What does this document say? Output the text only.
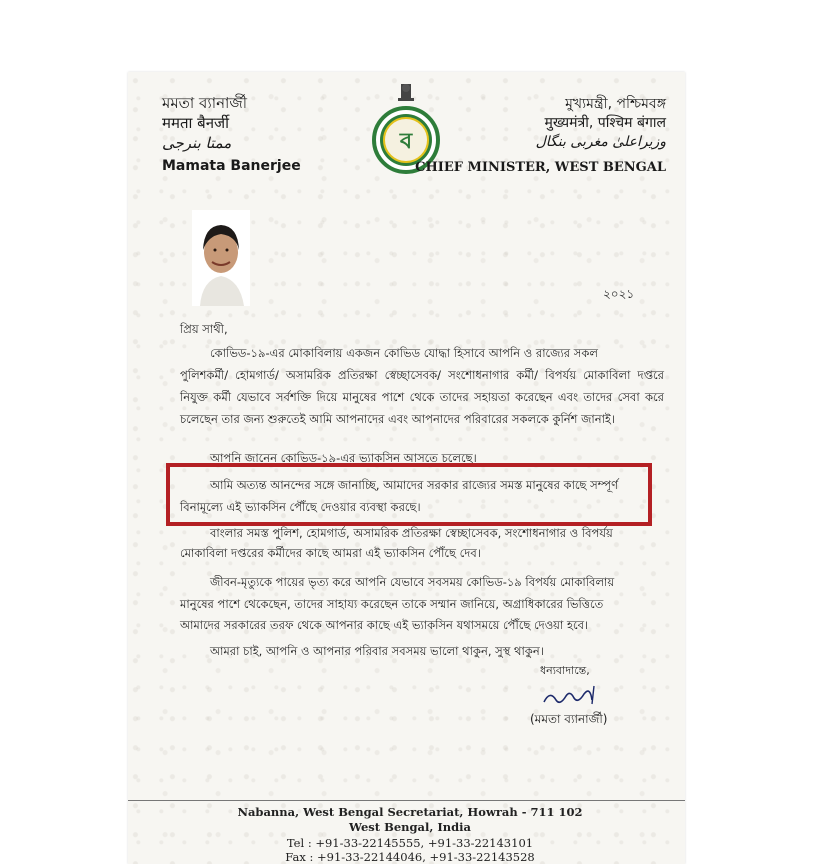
মমতা ব্যানার্জী
ममता बैनर्जी
ممتا بنرجی
Mamata Banerjee
ব
মুখ্যমন্ত্রী, পশ্চিমবঙ্গ
मुख्यमंत्री, पश्चिम बंगाल
وزیراعلیٰ مغربی بنگال
CHIEF MINISTER, WEST BENGAL
২০২১
প্রিয় সাথী,
কোভিড-১৯-এর মোকাবিলায় একজন কোভিড যোদ্ধা হিসাবে আপনি ও রাজ্যের সকল
পুলিশকর্মী/ হোমগার্ড/ অসামরিক প্রতিরক্ষা স্বেচ্ছাসেবক/ সংশোধনাগার কর্মী/ বিপর্যয় মোকাবিলা দপ্তরে নিযুক্ত কর্মী যেভাবে সর্বশক্তি দিয়ে মানুষের পাশে থেকে তাদের সহায়তা করেছেন এবং তাদের সেবা করে চলেছেন তার জন্য শুরুতেই আমি আপনাদের এবং আপনাদের পরিবারের সকলকে কুর্নিশ জানাই।
আপনি জানেন কোভিড-১৯-এর ভ্যাকসিন আসতে চলেছে।
আমি অত্যন্ত আনন্দের সঙ্গে জানাচ্ছি, আমাদের সরকার রাজ্যের সমস্ত মানুষের কাছে সম্পূর্ণ
বিনামূল্যে এই ভ্যাকসিন পৌঁছে দেওয়ার ব্যবস্থা করছে।
বাংলার সমস্ত পুলিশ, হোমগার্ড, অসামরিক প্রতিরক্ষা স্বেচ্ছাসেবক, সংশোধনাগার ও বিপর্যয়
মোকাবিলা দপ্তরের কর্মীদের কাছে আমরা এই ভ্যাকসিন পৌঁছে দেব।
জীবন-মৃত্যুকে পায়ের ভৃত্য করে আপনি যেভাবে সবসময় কোভিড-১৯ বিপর্যয় মোকাবিলায়
মানুষের পাশে থেকেছেন, তাদের সাহায্য করেছেন তাকে সম্মান জানিয়ে, অগ্রাধিকারের ভিত্তিতে
আমাদের সরকারের তরফ থেকে আপনার কাছে এই ভ্যাকসিন যথাসময়ে পৌঁছে দেওয়া হবে।
আমরা চাই, আপনি ও আপনার পরিবার সবসময় ভালো থাকুন, সুস্থ থাকুন।
ধন্যবাদান্তে,
(মমতা ব্যানার্জী)
Nabanna, West Bengal Secretariat, Howrah - 711 102
West Bengal, India
Tel : +91-33-22145555, +91-33-22143101
Fax : +91-33-22144046, +91-33-22143528
